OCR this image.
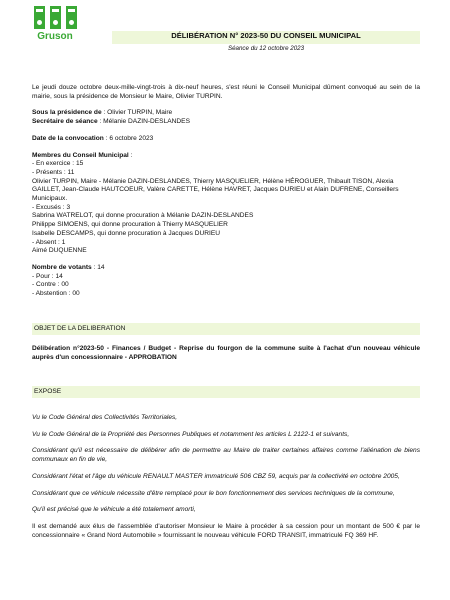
Gruson	DÉLIBÉRATION N° 2023-50 DU CONSEIL MUNICIPAL
Séance du 12 octobre 2023

Le jeudi douze octobre deux-mille-vingt-trois à dix-neuf heures, s'est réuni le Conseil Municipal dûment convoqué au sein de la mairie, sous la présidence de Monsieur le Maire, Olivier TURPIN.

Sous la présidence de : Olivier TURPIN, Maire

Secrétaire de séance : Mélanie DAZIN-DESLANDES

Date de la convocation : 6 octobre 2023

Membres du Conseil Municipal :

- En exercice : 15

- Présents : 11

Olivier TURPIN, Maire - Mélanie DAZIN-DESLANDES, Thierry MASQUELIER, Hélène HÉROGUER, Thibault TISON, Alexia GAILLET, Jean-Claude HAUTCOEUR, Valère CARETTE, Hélène HAVRET, Jacques DURIEU et Alain DUFRENE, Conseillers Municipaux.

- Excusés : 3

Sabrina WATRELOT, qui donne procuration à Mélanie DAZIN-DESLANDES

Philippe SIMOENS, qui donne procuration à Thierry MASQUELIER

Isabelle DESCAMPS, qui donne procuration à Jacques DURIEU

- Absent : 1

Aimé DUQUENNE

Nombre de votants : 14

- Pour : 14

- Contre : 00

- Abstention : 00

OBJET DE LA DELIBERATION

Délibération n°2023-50 - Finances / Budget - Reprise du fourgon de la commune suite à l'achat d'un nouveau véhicule auprès d'un concessionnaire - APPROBATION

EXPOSE

Vu le Code Général des Collectivités Territoriales,

Vu le Code Général de la Propriété des Personnes Publiques et notamment les articles L 2122-1 et suivants,

Considérant qu'il est nécessaire de délibérer afin de permettre au Maire de traiter certaines affaires comme l'aliénation de biens communaux en fin de vie,

Considérant l'état et l'âge du véhicule RENAULT MASTER immatriculé 506 CBZ 59, acquis par la collectivité en octobre 2005,

Considérant que ce véhicule nécessite d'être remplacé pour le bon fonctionnement des services techniques de la commune,

Qu'il est précisé que le véhicule a été totalement amorti,

Il est demandé aux élus de l'assemblée d'autoriser Monsieur le Maire à procéder à sa cession pour un montant de 500 € par le concessionnaire « Grand Nord Automobile » fournissant le nouveau véhicule FORD TRANSIT, immatriculé FQ 369 HF.
